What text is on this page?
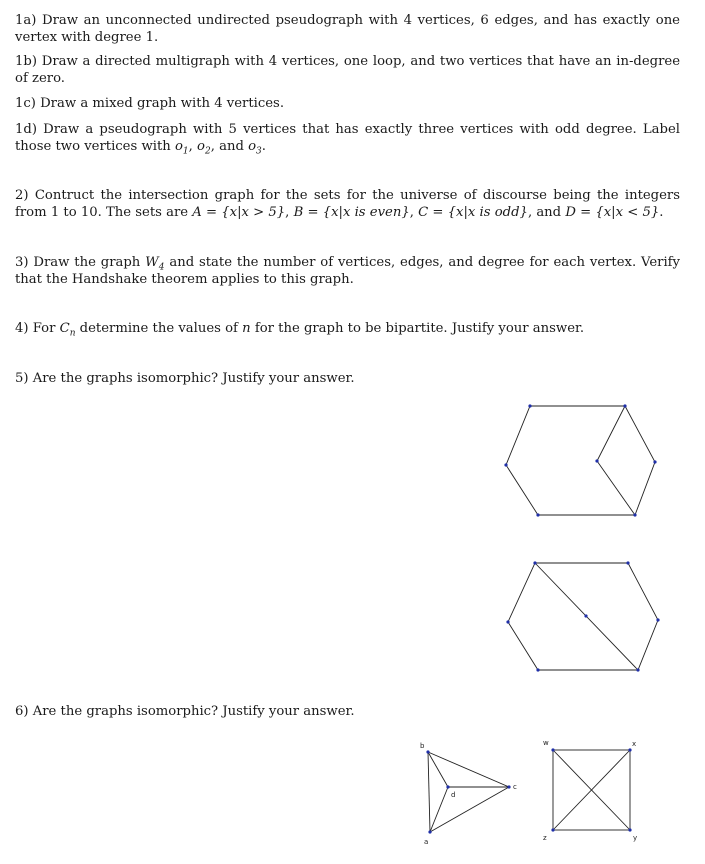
1a) Draw an unconnected undirected pseudograph with 4 vertices, 6 edges, and has exactly one vertex with degree 1.
1b) Draw a directed multigraph with 4 vertices, one loop, and two vertices that have an in-degree of zero.
1c) Draw a mixed graph with 4 vertices.
1d) Draw a pseudograph with 5 vertices that has exactly three vertices with odd degree. Label those two vertices with $o_1$, $o_2$, and $o_3$.
2) Contruct the intersection graph for the sets for the universe of discourse being the integers from 1 to 10. The sets are A = {x|x > 5}, B = {x|x is even}, C = {x|x is odd}, and D = {x|x < 5}.
3) Draw the graph $W_4$ and state the number of vertices, edges, and degree for each vertex. Verify that the Handshake theorem applies to this graph.
4) For $C_n$ determine the values of n for the graph to be bipartite. Justify your answer.
5) Are the graphs isomorphic? Justify your answer.
6) Are the graphs isomorphic? Justify your answer.
b
d
c
a
w	x
z	y
